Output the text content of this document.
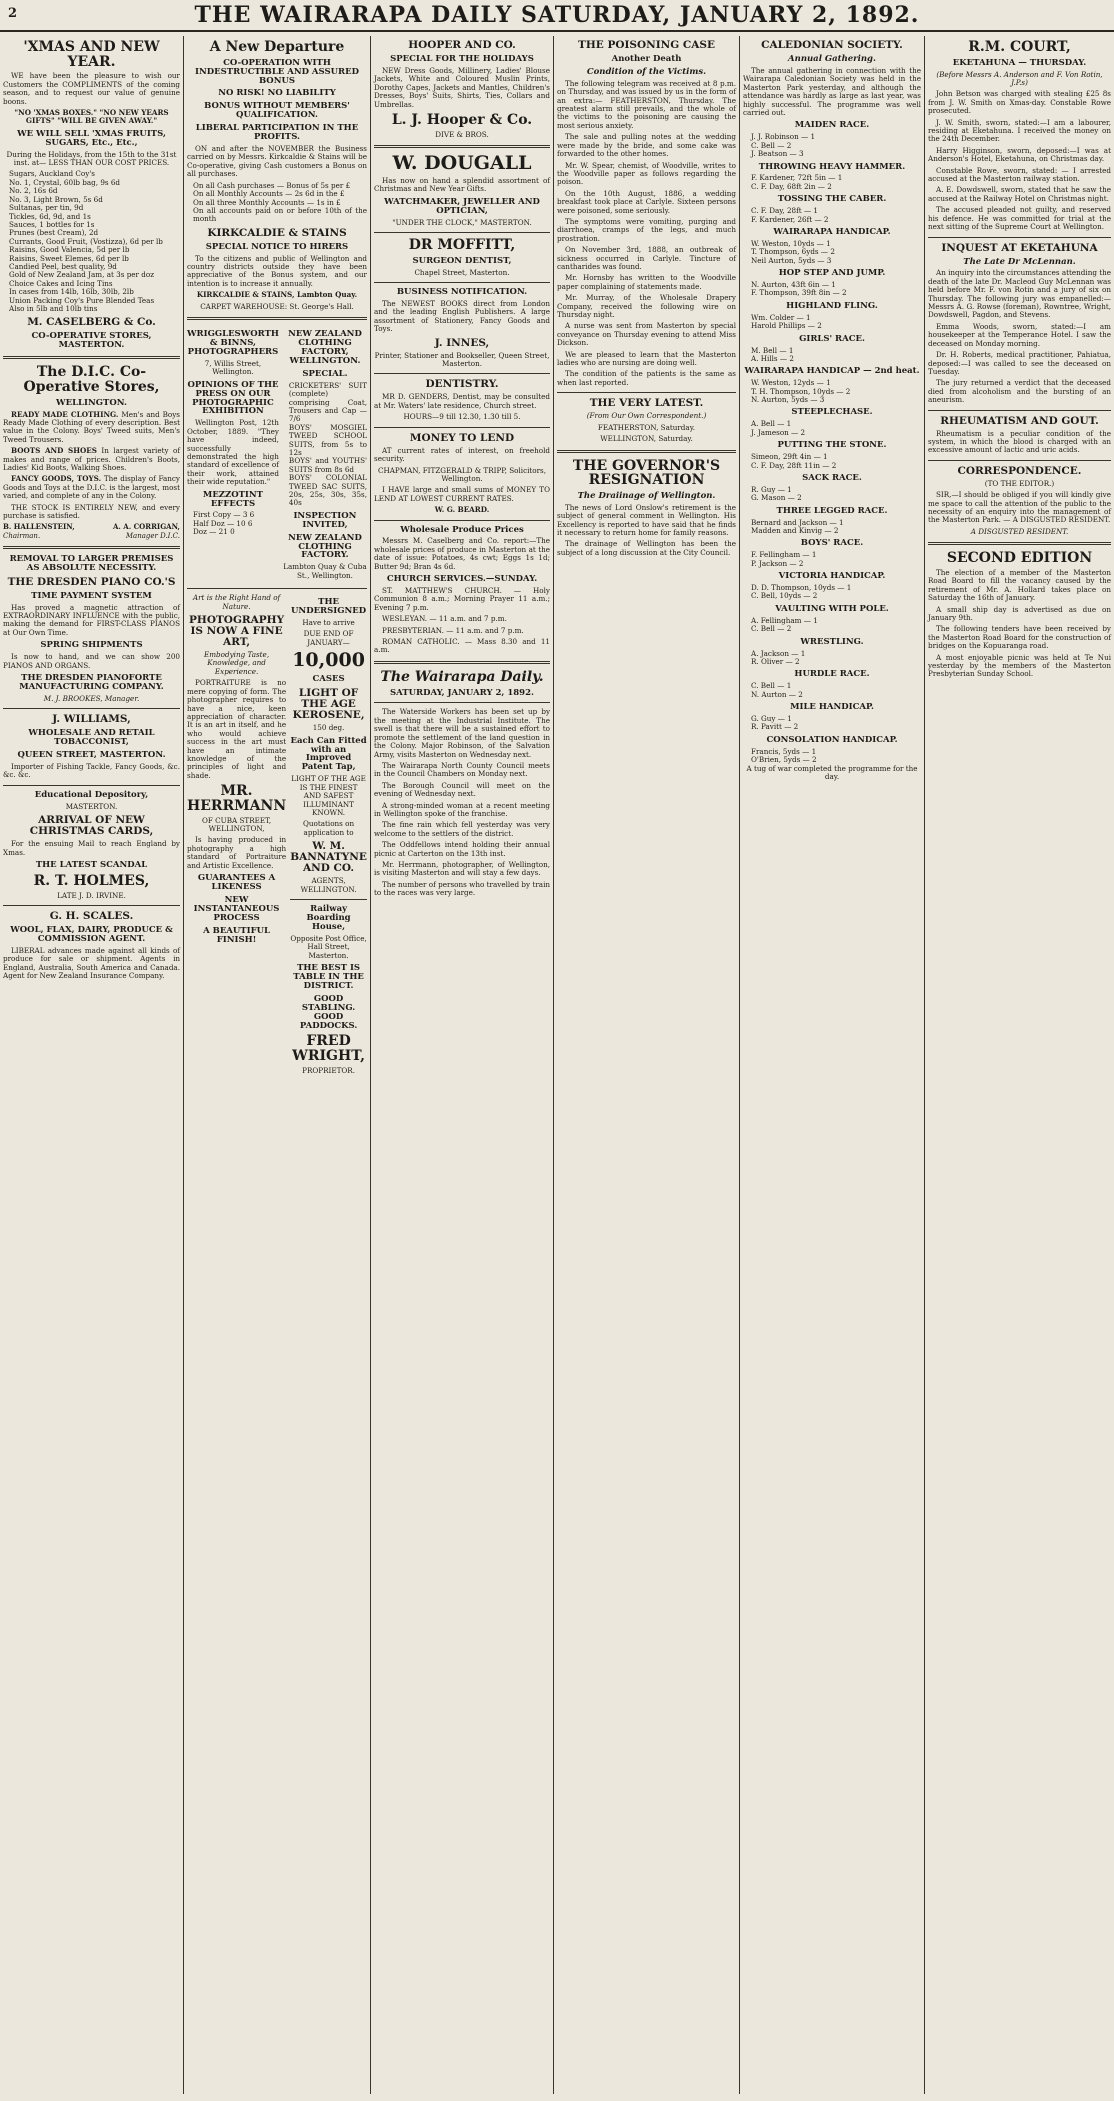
2	THE WAIRARAPA DAILY SATURDAY, JANUARY 2, 1892.
'XMAS AND NEW YEAR.

WE have been the pleasure to wish our Customers the COMPLIMENTS of the coming season, and to request our value of genuine boons.

"NO 'XMAS BOXES." "NO NEW YEARS GIFTS" "WILL BE GIVEN AWAY."

WE WILL SELL 'XMAS FRUITS, SUGARS, Etc., Etc.,

During the Holidays, from the 15th to the 31st inst. at— LESS THAN OUR COST PRICES.

Sugars, Auckland Coy's
No. 1, Crystal, 60lb bag, 9s 6d
No. 2, 16s 6d
No. 3, Light Brown, 5s 6d
Sultanas, per tin, 9d
Tickles, 6d, 9d, and 1s
Sauces, 1 bottles for 1s
Prunes (best Cream), 2d
Currants, Good Fruit, (Vostizza), 6d per lb
Raisins, Good Valencia, 5d per lb
Raisins, Sweet Elemes, 6d per lb
Candied Peel, best quality, 9d
Gold of New Zealand Jam, at 3s per doz
Choice Cakes and Icing Tins
In cases from 14lb, 16lb, 30lb, 2lb
Union Packing Coy's Pure Blended Teas
Also in 5lb and 10lb tins
M. CASELBERG & Co.
CO-OPERATIVE STORES, MASTERTON.
The D.I.C. Co-Operative Stores,
WELLINGTON.

READY MADE CLOTHING. Men's and Boys Ready Made Clothing of every description. Best value in the Colony. Boys' Tweed suits, Men's Tweed Trousers.

BOOTS AND SHOES In largest variety of makes and range of prices. Children's Boots, Ladies' Kid Boots, Walking Shoes.

FANCY GOODS, TOYS. The display of Fancy Goods and Toys at the D.I.C. is the largest, most varied, and complete of any in the Colony.

THE STOCK IS ENTIRELY NEW, and every purchase is satisfied.

B. HALLENSTEIN,
Chairman.	A. A. CORRIGAN,
Manager D.I.C.
REMOVAL TO LARGER PREMISES AS ABSOLUTE NECESSITY.
THE DRESDEN PIANO CO.'S
TIME PAYMENT SYSTEM

Has proved a magnetic attraction of EXTRAORDINARY INFLUENCE with the public, making the demand for FIRST-CLASS PIANOS at Our Own Time.

SPRING SHIPMENTS

Is now to hand, and we can show 200 PIANOS AND ORGANS.

THE DRESDEN PIANOFORTE MANUFACTURING COMPANY.

M. J. BROOKES, Manager.

J. WILLIAMS,
WHOLESALE AND RETAIL TOBACCONIST,
QUEEN STREET, MASTERTON.

Importer of Fishing Tackle, Fancy Goods, &c. &c. &c.

Educational Depository,

MASTERTON.

ARRIVAL OF NEW CHRISTMAS CARDS,

For the ensuing Mail to reach England by Xmas.

THE LATEST SCANDAL
R. T. HOLMES,

LATE J. D. IRVINE.

G. H. SCALES.
WOOL, FLAX, DAIRY, PRODUCE & COMMISSION AGENT.

LIBERAL advances made against all kinds of produce for sale or shipment. Agents in England, Australia, South America and Canada. Agent for New Zealand Insurance Company.

A New Departure
CO-OPERATION WITH INDESTRUCTIBLE AND ASSURED BONUS
NO RISK! NO LIABILITY
BONUS WITHOUT MEMBERS' QUALIFICATION.
LIBERAL PARTICIPATION IN THE PROFITS.

ON and after the NOVEMBER the Business carried on by Messrs. Kirkcaldie & Stains will be Co-operative, giving Cash customers a Bonus on all purchases.

On all Cash purchases — Bonus of 5s per £
On all Monthly Accounts — 2s 6d in the £
On all three Monthly Accounts — 1s in £
On all accounts paid on or before 10th of the month
KIRKCALDIE & STAINS
SPECIAL NOTICE TO HIRERS

To the citizens and public of Wellington and country districts outside they have been appreciative of the Bonus system, and our intention is to increase it annually.

KIRKCALDIE & STAINS, Lambton Quay.

CARPET WAREHOUSE: St. George's Hall.

WRIGGLESWORTH & BINNS, PHOTOGRAPHERS

7, Willis Street, Wellington.

OPINIONS OF THE PRESS ON OUR PHOTOGRAPHIC EXHIBITION

Wellington Post, 12th October, 1889. "They have indeed, successfully demonstrated the high standard of excellence of their work, attained their wide reputation."

MEZZOTINT EFFECTS
First Copy — 3 6
Half Doz — 10 6
Doz — 21 0
NEW ZEALAND CLOTHING FACTORY, WELLINGTON.
SPECIAL.
CRICKETERS' SUIT (complete) comprising Coat, Trousers and Cap — 7/6
BOYS' MOSGIEL TWEED SCHOOL SUITS, from 5s to 12s
BOYS' and YOUTHS' SUITS from 8s 6d
BOYS' COLONIAL TWEED SAC SUITS, 20s, 25s, 30s, 35s, 40s
INSPECTION INVITED,
NEW ZEALAND CLOTHING FACTORY.

Lambton Quay & Cuba St., Wellington.

Art is the Right Hand of Nature.

PHOTOGRAPHY IS NOW A FINE ART,

Embodying Taste, Knowledge, and Experience.

PORTRAITURE is no mere copying of form. The photographer requires to have a nice, keen appreciation of character. It is an art in itself, and he who would achieve success in the art must have an intimate knowledge of the principles of light and shade.

MR. HERRMANN

OF CUBA STREET, WELLINGTON,

Is having produced in photography a high standard of Portraiture and Artistic Excellence.

GUARANTEES A LIKENESS
NEW INSTANTANEOUS PROCESS
A BEAUTIFUL FINISH!
THE UNDERSIGNED

Have to arrive

DUE END OF JANUARY—

10,000
CASES
LIGHT OF THE AGE KEROSENE,

150 deg.

Each Can Fitted with an Improved Patent Tap,

LIGHT OF THE AGE IS THE FINEST AND SAFEST ILLUMINANT KNOWN.

Quotations on application to

W. M. BANNATYNE AND CO.

AGENTS, WELLINGTON.

Railway Boarding House,

Opposite Post Office, Hall Street, Masterton.

THE BEST IS TABLE IN THE DISTRICT.
GOOD STABLING. GOOD PADDOCKS.
FRED WRIGHT,

PROPRIETOR.

HOOPER AND CO.
SPECIAL FOR THE HOLIDAYS

NEW Dress Goods, Millinery, Ladies' Blouse Jackets, White and Coloured Muslin Prints, Dorothy Capes, Jackets and Mantles, Children's Dresses, Boys' Suits, Shirts, Ties, Collars and Umbrellas.

L. J. Hooper & Co.

DIVE & BROS.

W. DOUGALL

Has now on hand a splendid assortment of Christmas and New Year Gifts.

WATCHMAKER, JEWELLER AND OPTICIAN,

"UNDER THE CLOCK," MASTERTON.

DR MOFFITT,
SURGEON DENTIST,

Chapel Street, Masterton.

BUSINESS NOTIFICATION.

The NEWEST BOOKS direct from London and the leading English Publishers. A large assortment of Stationery, Fancy Goods and Toys.

J. INNES,

Printer, Stationer and Bookseller, Queen Street, Masterton.

DENTISTRY.

MR D. GENDERS, Dentist, may be consulted at Mr. Waters' late residence, Church street.

HOURS—9 till 12.30, 1.30 till 5.

MONEY TO LEND

AT current rates of interest, on freehold security.

CHAPMAN, FITZGERALD & TRIPP, Solicitors, Wellington.

I HAVE large and small sums of MONEY TO LEND AT LOWEST CURRENT RATES.

W. G. BEARD.

Wholesale Produce Prices

Messrs M. Caselberg and Co. report:—The wholesale prices of produce in Masterton at the date of issue: Potatoes, 4s cwt; Eggs 1s 1d; Butter 9d; Bran 4s 6d.

CHURCH SERVICES.—SUNDAY.

ST. MATTHEW'S CHURCH. — Holy Communion 8 a.m.; Morning Prayer 11 a.m.; Evening 7 p.m.

WESLEYAN. — 11 a.m. and 7 p.m.

PRESBYTERIAN. — 11 a.m. and 7 p.m.

ROMAN CATHOLIC. — Mass 8.30 and 11 a.m.

The Wairarapa Daily.
SATURDAY, JANUARY 2, 1892.

The Waterside Workers has been set up by the meeting at the Industrial Institute. The swell is that there will be a sustained effort to promote the settlement of the land question in the Colony. Major Robinson, of the Salvation Army, visits Masterton on Wednesday next.

The Wairarapa North County Council meets in the Council Chambers on Monday next.

The Borough Council will meet on the evening of Wednesday next.

A strong-minded woman at a recent meeting in Wellington spoke of the franchise.

The fine rain which fell yesterday was very welcome to the settlers of the district.

The Oddfellows intend holding their annual picnic at Carterton on the 13th inst.

Mr. Herrmann, photographer, of Wellington, is visiting Masterton and will stay a few days.

The number of persons who travelled by train to the races was very large.

THE POISONING CASE
Another Death
Condition of the Victims.

The following telegram was received at 8 p.m. on Thursday, and was issued by us in the form of an extra:— FEATHERSTON, Thursday. The greatest alarm still prevails, and the whole of the victims to the poisoning are causing the most serious anxiety.

The sale and pulling notes at the wedding were made by the bride, and some cake was forwarded to the other homes.

Mr. W. Spear, chemist, of Woodville, writes to the Woodville paper as follows regarding the poison.

On the 10th August, 1886, a wedding breakfast took place at Carlyle. Sixteen persons were poisoned, some seriously.

The symptoms were vomiting, purging and diarrhoea, cramps of the legs, and much prostration.

On November 3rd, 1888, an outbreak of sickness occurred in Carlyle. Tincture of cantharides was found.

Mr. Hornsby has written to the Woodville paper complaining of statements made.

Mr. Murray, of the Wholesale Drapery Company, received the following wire on Thursday night.

A nurse was sent from Masterton by special conveyance on Thursday evening to attend Miss Dickson.

We are pleased to learn that the Masterton ladies who are nursing are doing well.

The condition of the patients is the same as when last reported.

THE VERY LATEST.

(From Our Own Correspondent.)

FEATHERSTON, Saturday.

WELLINGTON, Saturday.

THE GOVERNOR'S RESIGNATION
The Draiinage of Wellington.

The news of Lord Onslow's retirement is the subject of general comment in Wellington. His Excellency is reported to have said that he finds it necessary to return home for family reasons.

The drainage of Wellington has been the subject of a long discussion at the City Council.

CALEDONIAN SOCIETY.
Annual Gathering.

The annual gathering in connection with the Wairarapa Caledonian Society was held in the Masterton Park yesterday, and although the attendance was hardly as large as last year, was highly successful. The programme was well carried out.

MAIDEN RACE.
J. J. Robinson — 1
C. Bell — 2
J. Beatson — 3
THROWING HEAVY HAMMER.
F. Kardener, 72ft 5in — 1
C. F. Day, 68ft 2in — 2
TOSSING THE CABER.
C. F. Day, 28ft — 1
F. Kardener, 26ft — 2
WAIRARAPA HANDICAP.
W. Weston, 10yds — 1
T. Thompson, 6yds — 2
Neil Aurton, 5yds — 3
HOP STEP AND JUMP.
N. Aurton, 43ft 6in — 1
F. Thompson, 39ft 8in — 2
HIGHLAND FLING.
Wm. Colder — 1
Harold Phillips — 2
GIRLS' RACE.
M. Bell — 1
A. Hills — 2
WAIRARAPA HANDICAP — 2nd heat.
W. Weston, 12yds — 1
T. H. Thompson, 10yds — 2
N. Aurton, 5yds — 3
STEEPLECHASE.
A. Bell — 1
J. Jameson — 2
PUTTING THE STONE.
Simeon, 29ft 4in — 1
C. F. Day, 28ft 11in — 2
SACK RACE.
R. Guy — 1
G. Mason — 2
THREE LEGGED RACE.
Bernard and Jackson — 1
Madden and Kinvig — 2
BOYS' RACE.
F. Fellingham — 1
P. Jackson — 2
VICTORIA HANDICAP.
D. D. Thompson, 10yds — 1
C. Bell, 10yds — 2
VAULTING WITH POLE.
A. Fellingham — 1
C. Bell — 2
WRESTLING.
A. Jackson — 1
R. Oliver — 2
HURDLE RACE.
C. Bell — 1
N. Aurton — 2
MILE HANDICAP.
G. Guy — 1
R. Pavitt — 2
CONSOLATION HANDICAP.
Francis, 5yds — 1
O'Brien, 5yds — 2

A tug of war completed the programme for the day.

R.M. COURT,
EKETAHUNA — THURSDAY.

(Before Messrs A. Anderson and F. Von Rotin, J.P.s)

John Betson was charged with stealing £25 8s from J. W. Smith on Xmas-day. Constable Rowe prosecuted.

J. W. Smith, sworn, stated:—I am a labourer, residing at Eketahuna. I received the money on the 24th December.

Harry Higginson, sworn, deposed:—I was at Anderson's Hotel, Eketahuna, on Christmas day.

Constable Rowe, sworn, stated: — I arrested accused at the Masterton railway station.

A. E. Dowdswell, sworn, stated that he saw the accused at the Railway Hotel on Christmas night.

The accused pleaded not guilty, and reserved his defence. He was committed for trial at the next sitting of the Supreme Court at Wellington.

INQUEST AT EKETAHUNA
The Late Dr McLennan.

An inquiry into the circumstances attending the death of the late Dr. Macleod Guy McLennan was held before Mr. F. von Rotin and a jury of six on Thursday. The following jury was empanelled:—Messrs A. G. Rowse (foreman), Rowntree, Wright, Dowdswell, Pagdon, and Stevens.

Emma Woods, sworn, stated:—I am housekeeper at the Temperance Hotel. I saw the deceased on Monday morning.

Dr. H. Roberts, medical practitioner, Pahiatua, deposed:—I was called to see the deceased on Tuesday.

The jury returned a verdict that the deceased died from alcoholism and the bursting of an aneurism.

RHEUMATISM AND GOUT.

Rheumatism is a peculiar condition of the system, in which the blood is charged with an excessive amount of lactic and uric acids.

CORRESPONDENCE.

(TO THE EDITOR.)

SIR,—I should be obliged if you will kindly give me space to call the attention of the public to the necessity of an enquiry into the management of the Masterton Park. — A DISGUSTED RESIDENT.

A DISGUSTED RESIDENT.

SECOND EDITION

The election of a member of the Masterton Road Board to fill the vacancy caused by the retirement of Mr. A. Hollard takes place on Saturday the 16th of January.

A small ship day is advertised as due on January 9th.

The following tenders have been received by the Masterton Road Board for the construction of bridges on the Kopuaranga road.

A most enjoyable picnic was held at Te Nui yesterday by the members of the Masterton Presbyterian Sunday School.
